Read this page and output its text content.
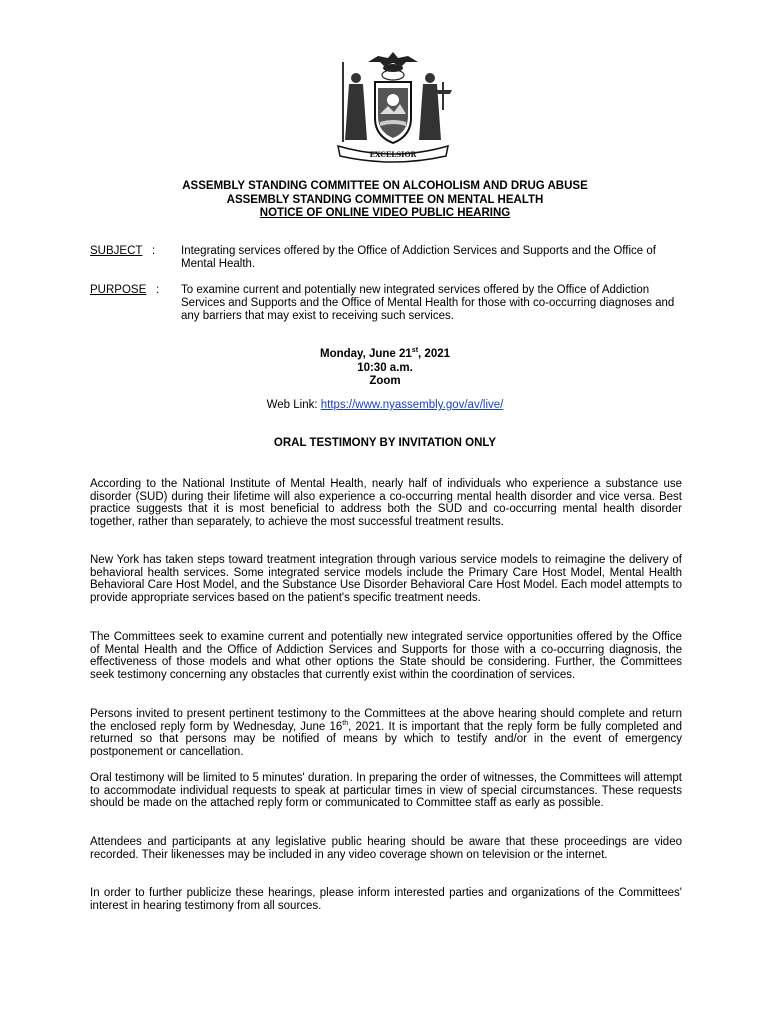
EXCELSIOR
ASSEMBLY STANDING COMMITTEE ON ALCOHOLISM AND DRUG ABUSE
ASSEMBLY STANDING COMMITTEE ON MENTAL HEALTH
NOTICE OF ONLINE VIDEO PUBLIC HEARING
SUBJECT : Integrating services offered by the Office of Addiction Services and Supports and the Office of Mental Health.
PURPOSE : To examine current and potentially new integrated services offered by the Office of Addiction Services and Supports and the Office of Mental Health for those with co-occurring diagnoses and any barriers that may exist to receiving such services.
Monday, June 21st, 2021
10:30 a.m.
Zoom
Web Link: https://www.nyassembly.gov/av/live/
ORAL TESTIMONY BY INVITATION ONLY
According to the National Institute of Mental Health, nearly half of individuals who experience a substance use disorder (SUD) during their lifetime will also experience a co-occurring mental health disorder and vice versa. Best practice suggests that it is most beneficial to address both the SUD and co-occurring mental health disorder together, rather than separately, to achieve the most successful treatment results.
New York has taken steps toward treatment integration through various service models to reimagine the delivery of behavioral health services. Some integrated service models include the Primary Care Host Model, Mental Health Behavioral Care Host Model, and the Substance Use Disorder Behavioral Care Host Model. Each model attempts to provide appropriate services based on the patient's specific treatment needs.
The Committees seek to examine current and potentially new integrated service opportunities offered by the Office of Mental Health and the Office of Addiction Services and Supports for those with a co-occurring diagnosis, the effectiveness of those models and what other options the State should be considering. Further, the Committees seek testimony concerning any obstacles that currently exist within the coordination of services.
Persons invited to present pertinent testimony to the Committees at the above hearing should complete and return the enclosed reply form by Wednesday, June 16th, 2021. It is important that the reply form be fully completed and returned so that persons may be notified of means by which to testify and/or in the event of emergency postponement or cancellation.
Oral testimony will be limited to 5 minutes' duration. In preparing the order of witnesses, the Committees will attempt to accommodate individual requests to speak at particular times in view of special circumstances. These requests should be made on the attached reply form or communicated to Committee staff as early as possible.
Attendees and participants at any legislative public hearing should be aware that these proceedings are video recorded. Their likenesses may be included in any video coverage shown on television or the internet.
In order to further publicize these hearings, please inform interested parties and organizations of the Committees' interest in hearing testimony from all sources.
